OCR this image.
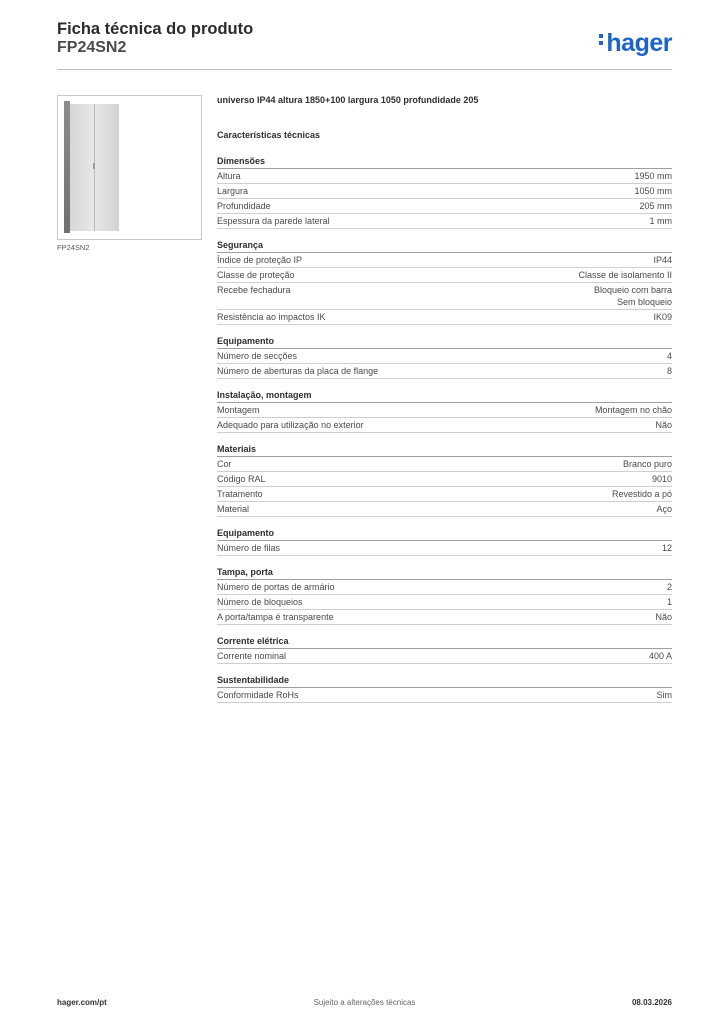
Ficha técnica do produto
FP24SN2	hager
FP24SN2
universo IP44 altura 1850+100 largura 1050 profundidade 205
Características técnicas
Dimensões
Altura	1950 mm
Largura	1050 mm
Profundidade	205 mm
Espessura da parede lateral	1 mm
Segurança
Índice de proteção IP	IP44
Classe de proteção	Classe de isolamento II
Recebe fechadura	Bloqueio com barra
Sem bloqueio
Resistência ao impactos IK	IK09
Equipamento
Número de secções	4
Número de aberturas da placa de flange	8
Instalação, montagem
Montagem	Montagem no chão
Adequado para utilização no exterior	Não
Materiais
Cor	Branco puro
Código RAL	9010
Tratamento	Revestido a pó
Material	Aço
Equipamento
Número de filas	12
Tampa, porta
Número de portas de armário	2
Número de bloqueios	1
A porta/tampa é transparente	Não
Corrente elétrica
Corrente nominal	400 A
Sustentabilidade
Conformidade RoHs	Sim
hager.com/pt	Sujeito a alterações técnicas	08.03.2026
